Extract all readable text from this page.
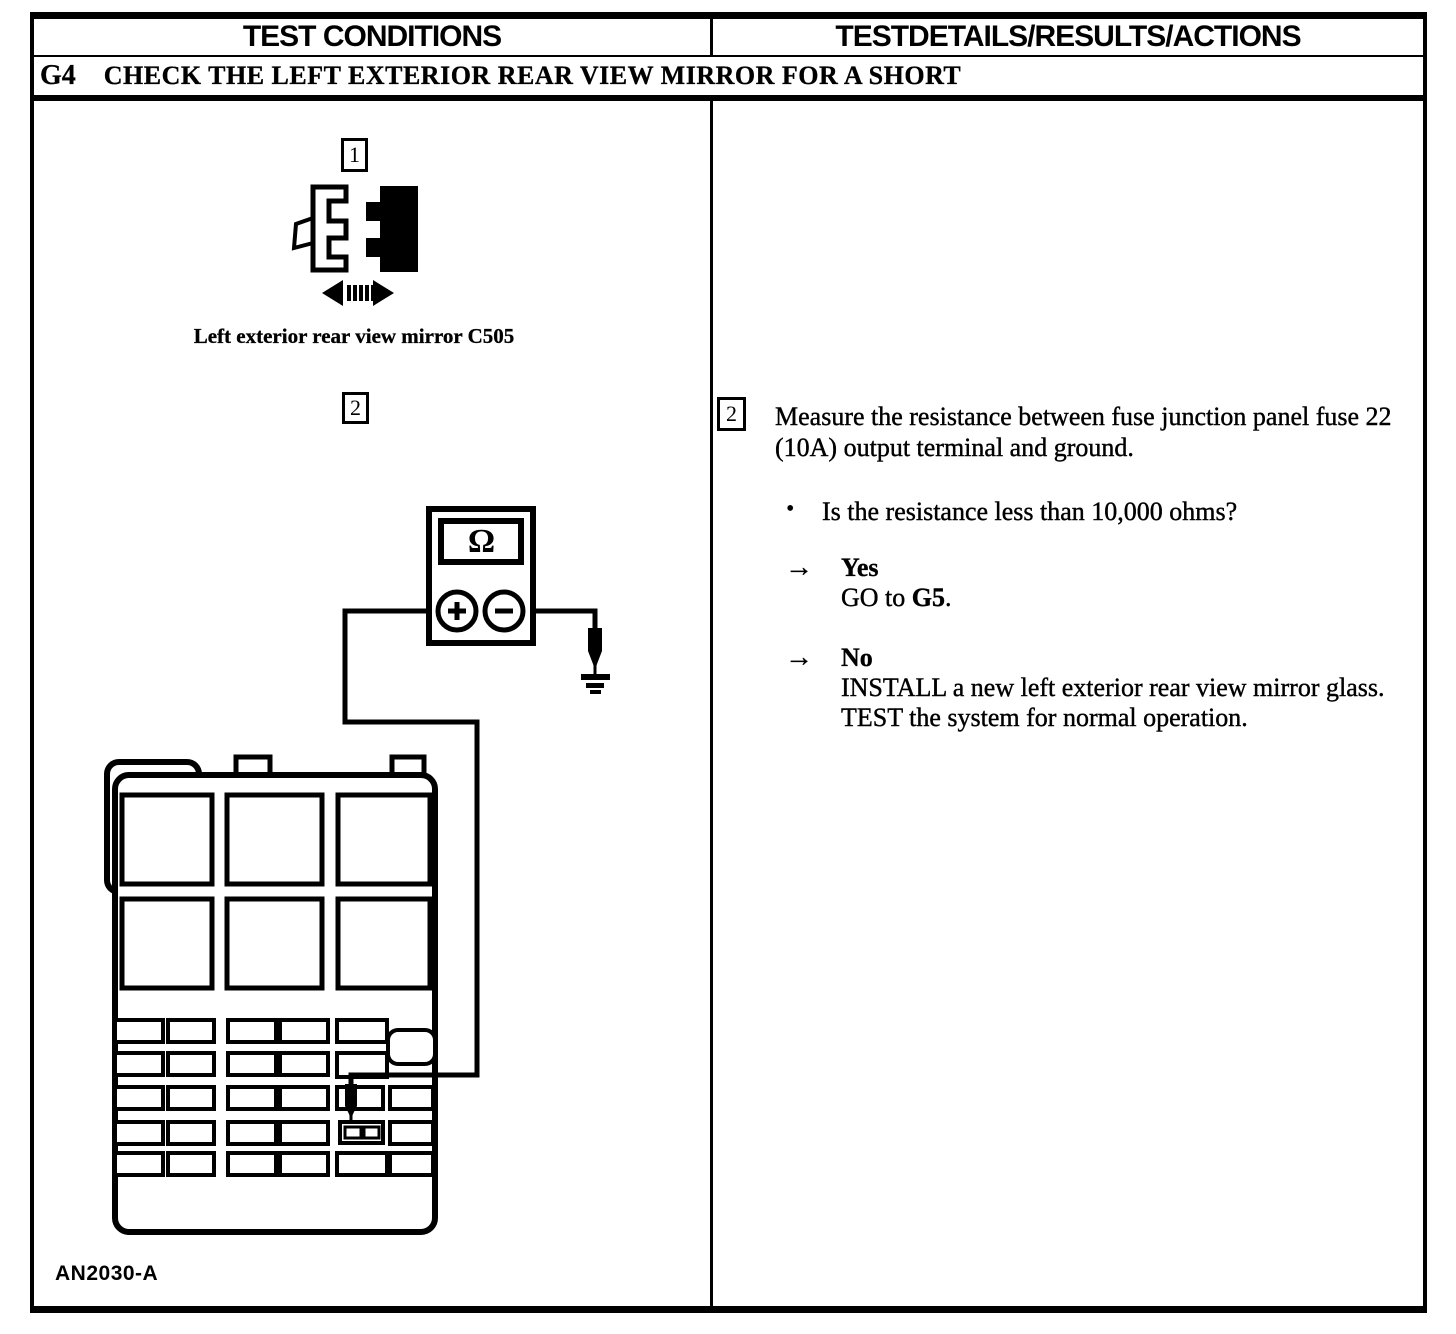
TEST CONDITIONS	TESTDETAILS/RESULTS/ACTIONS
G4 CHECK THE LEFT EXTERIOR REAR VIEW MIRROR FOR A SHORT
1
Left exterior rear view mirror C505
2
Ω
AN2030-A
2 Measure the resistance between fuse junction panel fuse 22 (10A) output terminal and ground.
•	Is the resistance less than 10,000 ohms?
→	Yes
GO to G5.
→	No
INSTALL a new left exterior rear view mirror glass. TEST the system for normal operation.
